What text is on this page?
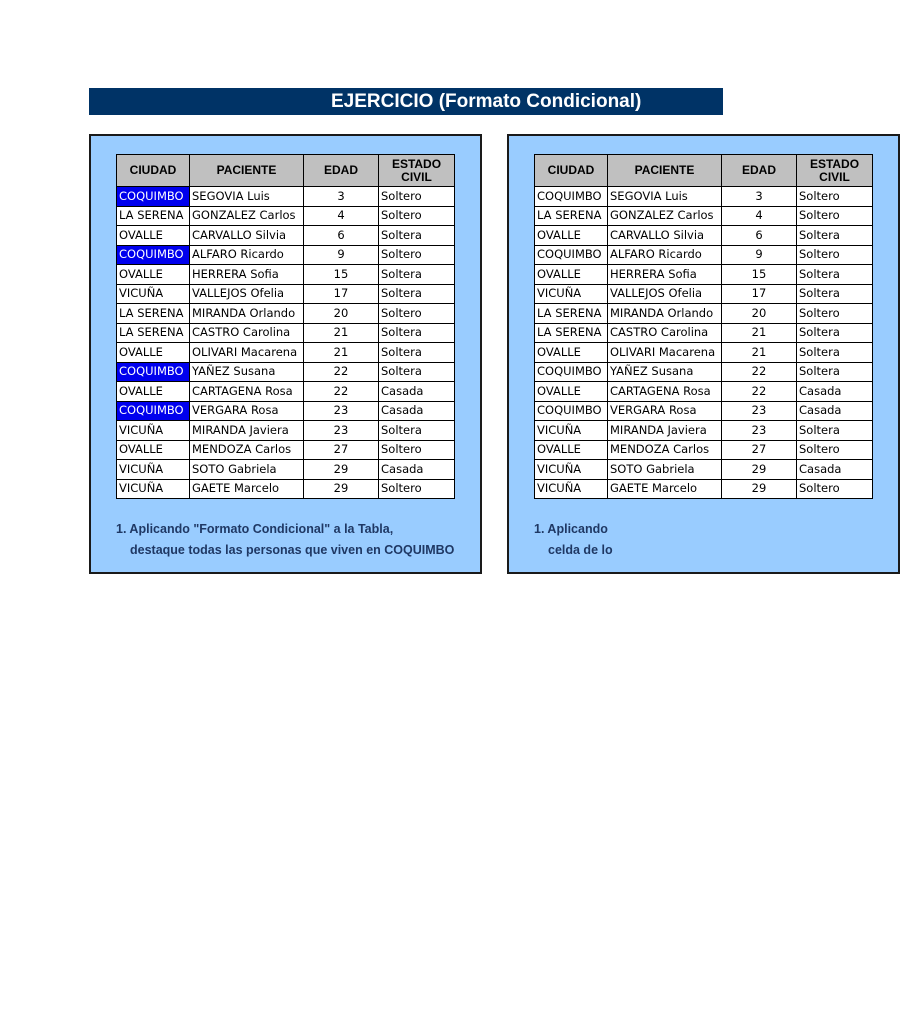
EJERCICIO (Formato Condicional)
CIUDAD	PACIENTE	EDAD	ESTADO CIVIL
COQUIMBO	SEGOVIA Luis	3	Soltero
LA SERENA	GONZALEZ Carlos	4	Soltero
OVALLE	CARVALLO Silvia	6	Soltera
COQUIMBO	ALFARO Ricardo	9	Soltero
OVALLE	HERRERA Sofia	15	Soltera
VICUÑA	VALLEJOS Ofelia	17	Soltera
LA SERENA	MIRANDA Orlando	20	Soltero
LA SERENA	CASTRO Carolina	21	Soltera
OVALLE	OLIVARI Macarena	21	Soltera
COQUIMBO	YAÑEZ Susana	22	Soltera
OVALLE	CARTAGENA Rosa	22	Casada
COQUIMBO	VERGARA Rosa	23	Casada
VICUÑA	MIRANDA Javiera	23	Soltera
OVALLE	MENDOZA Carlos	27	Soltero
VICUÑA	SOTO Gabriela	29	Casada
VICUÑA	GAETE Marcelo	29	Soltero
1. Aplicando "Formato Condicional" a la Tabla,
destaque todas las personas que viven en COQUIMBO
CIUDAD	PACIENTE	EDAD	ESTADO CIVIL
COQUIMBO	SEGOVIA Luis	3	Soltero
LA SERENA	GONZALEZ Carlos	4	Soltero
OVALLE	CARVALLO Silvia	6	Soltera
COQUIMBO	ALFARO Ricardo	9	Soltero
OVALLE	HERRERA Sofia	15	Soltera
VICUÑA	VALLEJOS Ofelia	17	Soltera
LA SERENA	MIRANDA Orlando	20	Soltero
LA SERENA	CASTRO Carolina	21	Soltera
OVALLE	OLIVARI Macarena	21	Soltera
COQUIMBO	YAÑEZ Susana	22	Soltera
OVALLE	CARTAGENA Rosa	22	Casada
COQUIMBO	VERGARA Rosa	23	Casada
VICUÑA	MIRANDA Javiera	23	Soltera
OVALLE	MENDOZA Carlos	27	Soltero
VICUÑA	SOTO Gabriela	29	Casada
VICUÑA	GAETE Marcelo	29	Soltero
1. Aplicando
celda de lo
